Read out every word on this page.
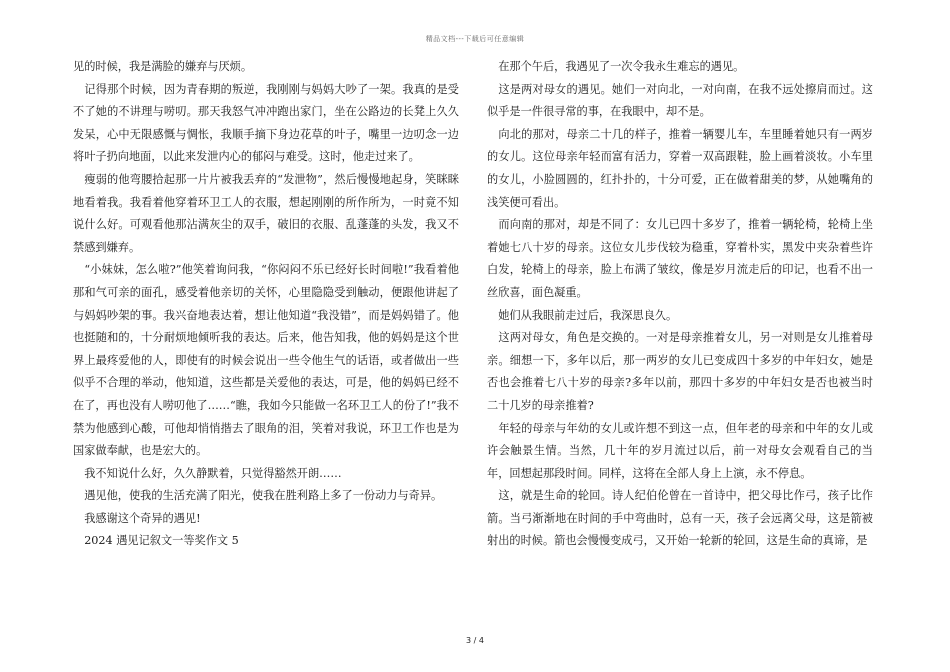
精品文档---下载后可任意编辑

见的时候，我是满脸的嫌弃与厌烦。

　记得那个时候，因为青春期的叛逆，我刚刚与妈妈大吵了一架。我真的是受不了她的不讲理与唠叨。那天我怒气冲冲跑出家门，坐在公路边的长凳上久久发呆，心中无限感慨与惆怅，我顺手摘下身边花草的叶子，嘴里一边叨念一边将叶子扔向地面，以此来发泄内心的郁闷与难受。这时，他走过来了。

　瘦弱的他弯腰拾起那一片片被我丢弃的“发泄物”，然后慢慢地起身，笑眯眯地看着我。我看着他穿着环卫工人的衣服，想起刚刚的所作所为，一时竟不知说什么好。可观看他那沾满灰尘的双手，破旧的衣服、乱蓬蓬的头发，我又不禁感到嫌弃。

　“小妹妹，怎么啦?”他笑着询问我，“你闷闷不乐已经好长时间啦!”我看着他那和气可亲的面孔，感受着他亲切的关怀，心里隐隐受到触动，便跟他讲起了与妈妈吵架的事。我兴奋地表达着，想让他知道“我没错”，而是妈妈错了。他也挺随和的，十分耐烦地倾听我的表达。后来，他告知我，他的妈妈是这个世界上最疼爱他的人，即使有的时候会说出一些令他生气的话语，或者做出一些似乎不合理的举动，他知道，这些都是关爱他的表达，可是，他的妈妈已经不在了，再也没有人唠叨他了……“瞧，我如今只能做一名环卫工人的份了!”我不禁为他感到心酸，可他却悄悄揩去了眼角的泪，笑着对我说，环卫工作也是为国家做奉献，也是宏大的。

　我不知说什么好，久久静默着，只觉得豁然开朗……

　遇见他，使我的生活充满了阳光，使我在胜利路上多了一份动力与奇异。

　我感谢这个奇异的遇见!

　2024 遇见记叙文一等奖作文 5

　在那个午后，我遇见了一次令我永生难忘的遇见。

　这是两对母女的遇见。她们一对向北，一对向南，在我不远处擦肩而过。这似乎是一件很寻常的事，在我眼中，却不是。

　向北的那对，母亲二十几的样子，推着一辆婴儿车，车里睡着她只有一两岁的女儿。这位母亲年轻而富有活力，穿着一双高跟鞋，脸上画着淡妆。小车里的女儿，小脸圆圆的，红扑扑的，十分可爱，正在做着甜美的梦，从她嘴角的浅笑便可看出。

　而向南的那对，却是不同了：女儿已四十多岁了，推着一辆轮椅，轮椅上坐着她七八十岁的母亲。这位女儿步伐较为稳重，穿着朴实，黑发中夹杂着些许白发，轮椅上的母亲，脸上布满了皱纹，像是岁月流走后的印记，也看不出一丝欣喜，面色凝重。

　她们从我眼前走过后，我深思良久。

　这两对母女，角色是交换的。一对是母亲推着女儿，另一对则是女儿推着母亲。细想一下，多年以后，那一两岁的女儿已变成四十多岁的中年妇女，她是否也会推着七八十岁的母亲?多年以前，那四十多岁的中年妇女是否也被当时二十几岁的母亲推着?

　年轻的母亲与年幼的女儿或许想不到这一点，但年老的母亲和中年的女儿或许会触景生情。当然，几十年的岁月流过以后，前一对母女会观看自己的当年，回想起那段时间。同样，这将在全部人身上上演，永不停息。

　这，就是生命的轮回。诗人纪伯伦曾在一首诗中，把父母比作弓，孩子比作箭。当弓渐渐地在时间的手中弯曲时，总有一天，孩子会远离父母，这是箭被射出的时候。箭也会慢慢变成弓，又开始一轮新的轮回，这是生命的真谛，是

3 / 4
